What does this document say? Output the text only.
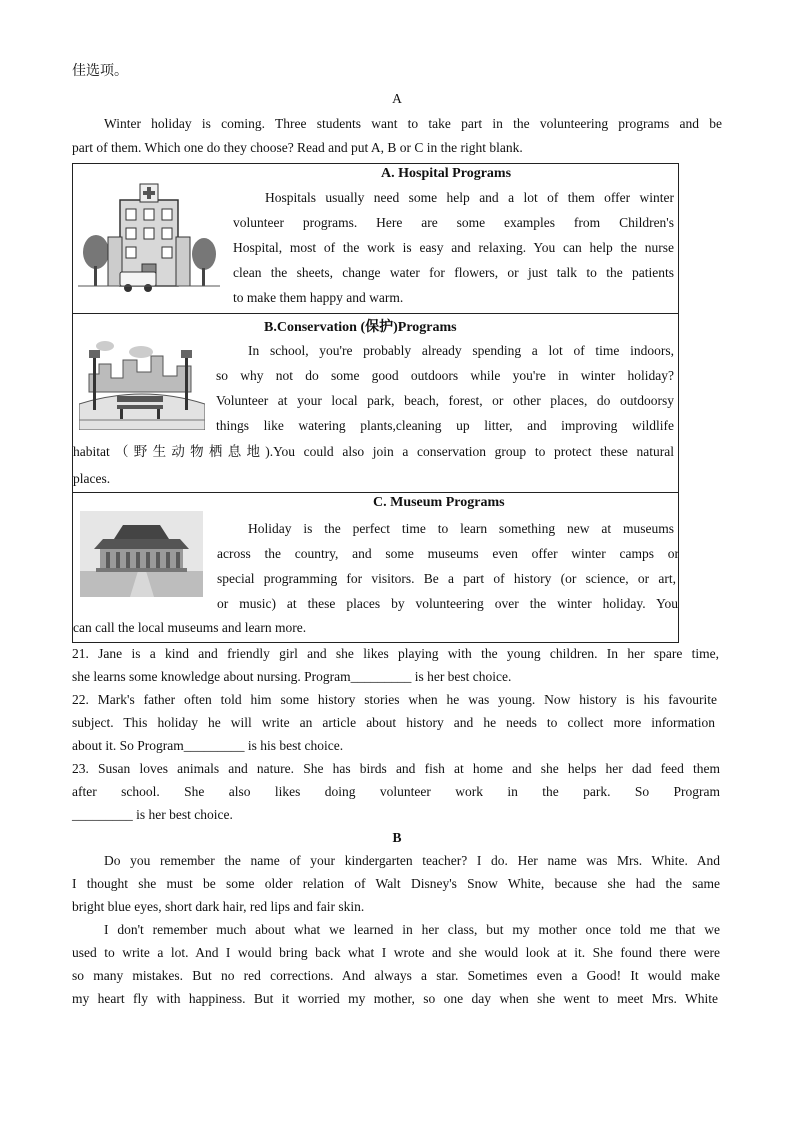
佳选项。
A
Winter holiday is coming. Three students want to take part in the volunteering programs and be
part of them. Which one do they choose? Read and put A, B or C in the right blank.
A. Hospital Programs
Hospitals usually need some help and a lot of them offer winter
volunteer programs. Here are some examples from Children's
Hospital, most of the work is easy and relaxing. You can help the nurse
clean the sheets, change water for flowers, or just talk to the patients
to make them happy and warm.
B.Conservation (保护)Programs
In school, you're probably already spending a lot of time indoors,
so why not do some good outdoors while you're in winter holiday?
Volunteer at your local park, beach, forest, or other places, do outdoorsy
things like watering plants,cleaning up litter, and improving wildlife
habitat（野生动物栖息地).You could also join a conservation group to protect these natural
places.
C. Museum Programs
Holiday is the perfect time to learn something new at museums
across the country, and some museums even offer winter camps or
special programming for visitors. Be a part of history (or science, or art,
or music) at these places by volunteering over the winter holiday. You
can call the local museums and learn more.
21. Jane is a kind and friendly girl and she likes playing with the young children. In her spare time,
she learns some knowledge about nursing. Program_________ is her best choice.
22. Mark's father often told him some history stories when he was young. Now history is his favourite
subject. This holiday he will write an article about history and he needs to collect more information
about it. So Program_________ is his best choice.
23. Susan loves animals and nature. She has birds and fish at home and she helps her dad feed them
after school. She also likes doing volunteer work in the park. So Program
_________ is her best choice.
B
Do you remember the name of your kindergarten teacher? I do. Her name was Mrs. White. And
I thought she must be some older relation of Walt Disney's Snow White, because she had the same
bright blue eyes, short dark hair, red lips and fair skin.
I don't remember much about what we learned in her class, but my mother once told me that we
used to write a lot. And I would bring back what I wrote and she would look at it. She found there were
so many mistakes. But no red corrections. And always a star. Sometimes even a Good! It would make
my heart fly with happiness. But it worried my mother, so one day when she went to meet Mrs. White
